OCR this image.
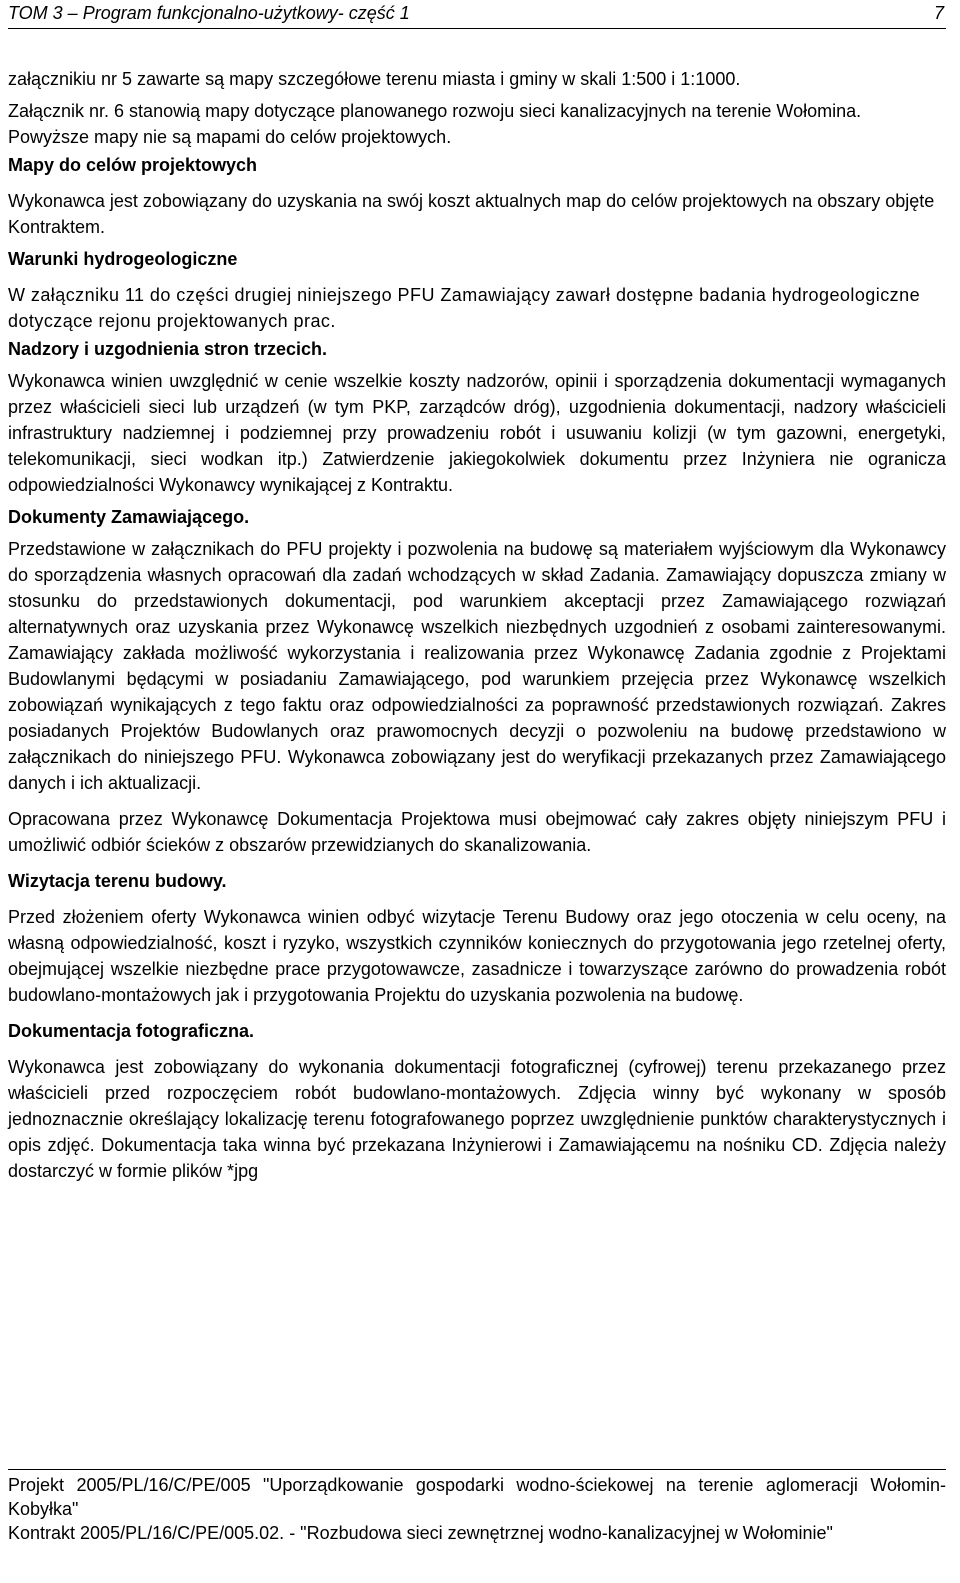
TOM 3 – Program funkcjonalno-użytkowy- część 1	7

załącznikiu nr 5 zawarte są mapy szczegółowe terenu miasta i gminy w skali 1:500 i 1:1000.

Załącznik nr. 6 stanowią mapy dotyczące planowanego rozwoju sieci kanalizacyjnych na terenie Wołomina.

Powyższe mapy nie są mapami do celów projektowych.

Mapy do celów projektowych

Wykonawca jest zobowiązany do uzyskania na swój koszt aktualnych map do celów projektowych na obszary objęte Kontraktem.

Warunki hydrogeologiczne

W załączniku 11 do części drugiej niniejszego PFU Zamawiający zawarł dostępne badania hydrogeologiczne dotyczące rejonu projektowanych prac.

Nadzory i uzgodnienia stron trzecich.

Wykonawca winien uwzględnić w cenie wszelkie koszty nadzorów, opinii i sporządzenia dokumentacji wymaganych przez właścicieli sieci lub urządzeń (w tym PKP, zarządców dróg), uzgodnienia dokumentacji, nadzory właścicieli infrastruktury nadziemnej i podziemnej przy prowadzeniu robót i usuwaniu kolizji (w tym gazowni, energetyki, telekomunikacji, sieci wodkan itp.) Zatwierdzenie jakiegokolwiek dokumentu przez Inżyniera nie ogranicza odpowiedzialności Wykonawcy wynikającej z Kontraktu.

Dokumenty Zamawiającego.

Przedstawione w załącznikach do PFU projekty i pozwolenia na budowę są materiałem wyjściowym dla Wykonawcy do sporządzenia własnych opracowań dla zadań wchodzących w skład Zadania. Zamawiający dopuszcza zmiany w stosunku do przedstawionych dokumentacji, pod warunkiem akceptacji przez Zamawiającego rozwiązań alternatywnych oraz uzyskania przez Wykonawcę wszelkich niezbędnych uzgodnień z osobami zainteresowanymi. Zamawiający zakłada możliwość wykorzystania i realizowania przez Wykonawcę Zadania zgodnie z Projektami Budowlanymi będącymi w posiadaniu Zamawiającego, pod warunkiem przejęcia przez Wykonawcę wszelkich zobowiązań wynikających z tego faktu oraz odpowiedzialności za poprawność przedstawionych rozwiązań. Zakres posiadanych Projektów Budowlanych oraz prawomocnych decyzji o pozwoleniu na budowę przedstawiono w załącznikach do niniejszego PFU. Wykonawca zobowiązany jest do weryfikacji przekazanych przez Zamawiającego danych i ich aktualizacji.

Opracowana przez Wykonawcę Dokumentacja Projektowa musi obejmować cały zakres objęty niniejszym PFU i umożliwić odbiór ścieków z obszarów przewidzianych do skanalizowania.

Wizytacja terenu budowy.

Przed złożeniem oferty Wykonawca winien odbyć wizytacje Terenu Budowy oraz jego otoczenia w celu oceny, na własną odpowiedzialność, koszt i ryzyko, wszystkich czynników koniecznych do przygotowania jego rzetelnej oferty, obejmującej wszelkie niezbędne prace przygotowawcze, zasadnicze i towarzyszące zarówno do prowadzenia robót budowlano-montażowych jak i przygotowania Projektu do uzyskania pozwolenia na budowę.

Dokumentacja fotograficzna.

Wykonawca jest zobowiązany do wykonania dokumentacji fotograficznej (cyfrowej) terenu przekazanego przez właścicieli przed rozpoczęciem robót budowlano-montażowych. Zdjęcia winny być wykonany w sposób jednoznacznie określający lokalizację terenu fotografowanego poprzez uwzględnienie punktów charakterystycznych i opis zdjęć. Dokumentacja taka winna być przekazana Inżynierowi i Zamawiającemu na nośniku CD. Zdjęcia należy dostarczyć w formie plików *jpg

Projekt 2005/PL/16/C/PE/005 "Uporządkowanie gospodarki wodno-ściekowej na terenie aglomeracji Wołomin-Kobyłka"

Kontrakt 2005/PL/16/C/PE/005.02. - "Rozbudowa sieci zewnętrznej wodno-kanalizacyjnej w Wołominie"
